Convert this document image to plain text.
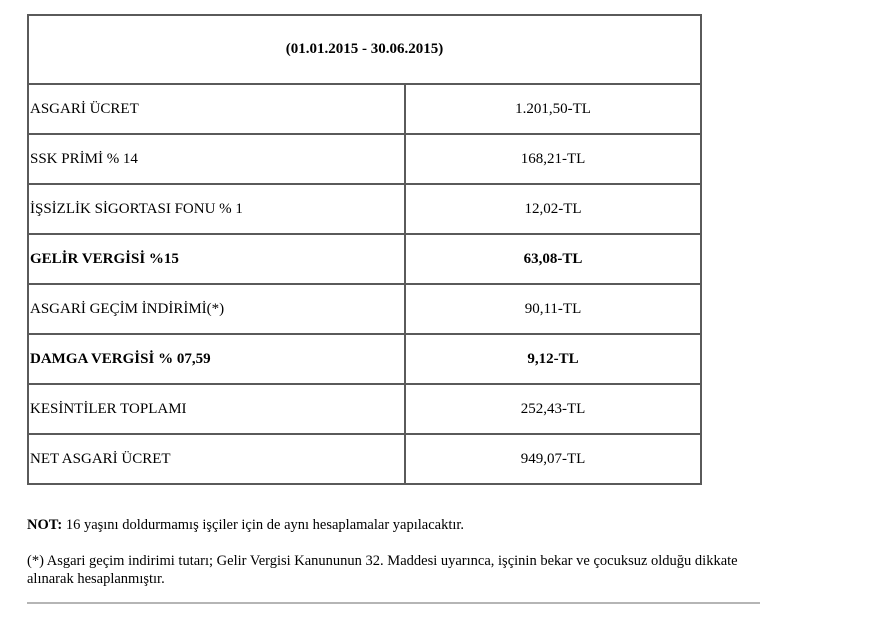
(01.01.2015 - 30.06.2015)	
ASGARİ ÜCRET	1.201,50-TL
SSK PRİMİ % 14	168,21-TL
İŞSİZLİK SİGORTASI FONU % 1	12,02-TL
GELİR VERGİSİ %15	63,08-TL
ASGARİ GEÇİM İNDİRİMİ(*)	90,11-TL
DAMGA VERGİSİ % 07,59	9,12-TL
KESİNTİLER TOPLAMI	252,43-TL
NET ASGARİ ÜCRET	949,07-TL
NOT: 16 yaşını doldurmamış işçiler için de aynı hesaplamalar yapılacaktır.
(*) Asgari geçim indirimi tutarı; Gelir Vergisi Kanununun 32. Maddesi uyarınca, işçinin bekar ve çocuksuz olduğu dikkate alınarak hesaplanmıştır.
